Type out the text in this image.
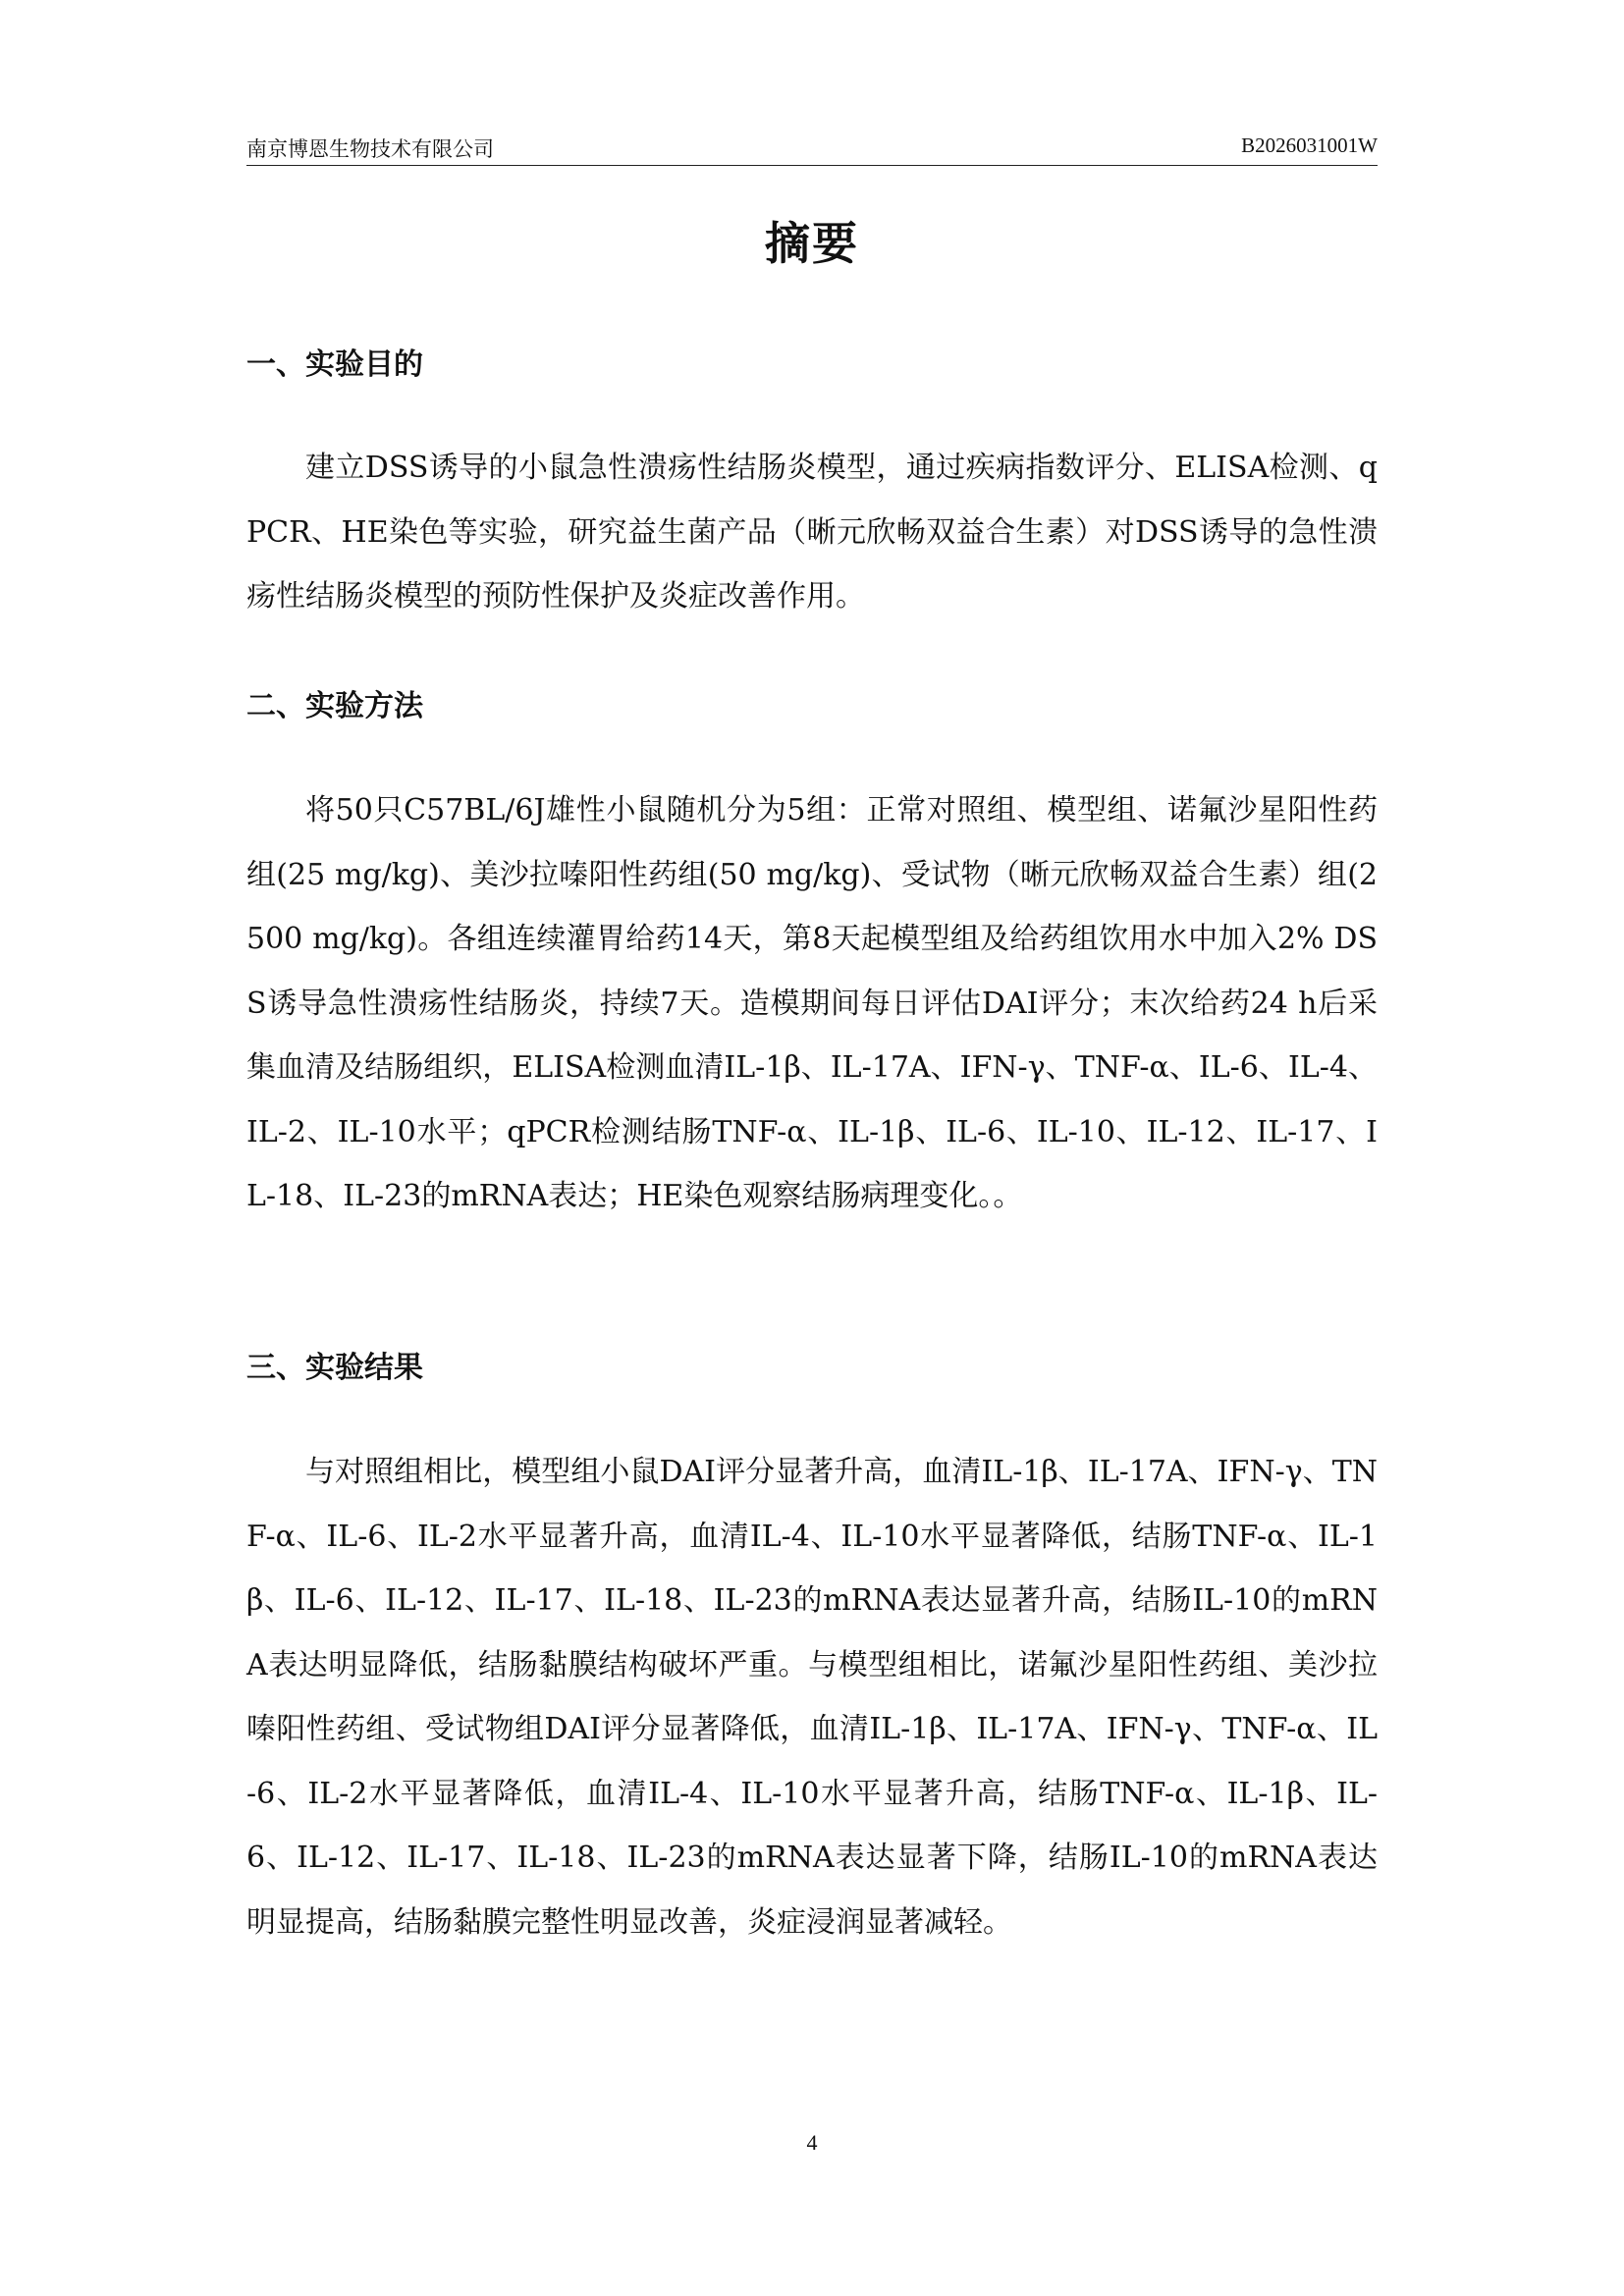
南京博恩生物技术有限公司	B2026031001W
摘要
一、实验目的
建立DSS诱导的小鼠急性溃疡性结肠炎模型，通过疾病指数评分、ELISA检测、qPCR、HE染色等实验，研究益生菌产品（晰元欣畅双益合生素）对DSS诱导的急性溃疡性结肠炎模型的预防性保护及炎症改善作用。
二、实验方法
将50只C57BL/6J雄性小鼠随机分为5组：正常对照组、模型组、诺氟沙星阳性药组(25 mg/kg)、美沙拉嗪阳性药组(50 mg/kg)、受试物（晰元欣畅双益合生素）组(2500 mg/kg)。各组连续灌胃给药14天，第8天起模型组及给药组饮用水中加入2% DSS诱导急性溃疡性结肠炎，持续7天。造模期间每日评估DAI评分；末次给药24 h后采集血清及结肠组织，ELISA检测血清IL-1β、IL-17A、IFN-γ、TNF-α、IL-6、IL-4、IL-2、IL-10水平；qPCR检测结肠TNF-α、IL-1β、IL-6、IL-10、IL-12、IL-17、IL-18、IL-23的mRNA表达；HE染色观察结肠病理变化。。
三、实验结果
与对照组相比，模型组小鼠DAI评分显著升高，血清IL-1β、IL-17A、IFN-γ、TNF-α、IL-6、IL-2水平显著升高，血清IL-4、IL-10水平显著降低，结肠TNF-α、IL-1β、IL-6、IL-12、IL-17、IL-18、IL-23的mRNA表达显著升高，结肠IL-10的mRNA表达明显降低，结肠黏膜结构破坏严重。与模型组相比，诺氟沙星阳性药组、美沙拉嗪阳性药组、受试物组DAI评分显著降低，血清IL-1β、IL-17A、IFN-γ、TNF-α、IL-6、IL-2水平显著降低，血清IL-4、IL-10水平显著升高，结肠TNF-α、IL-1β、IL-6、IL-12、IL-17、IL-18、IL-23的mRNA表达显著下降，结肠IL-10的mRNA表达明显提高，结肠黏膜完整性明显改善，炎症浸润显著减轻。
4
